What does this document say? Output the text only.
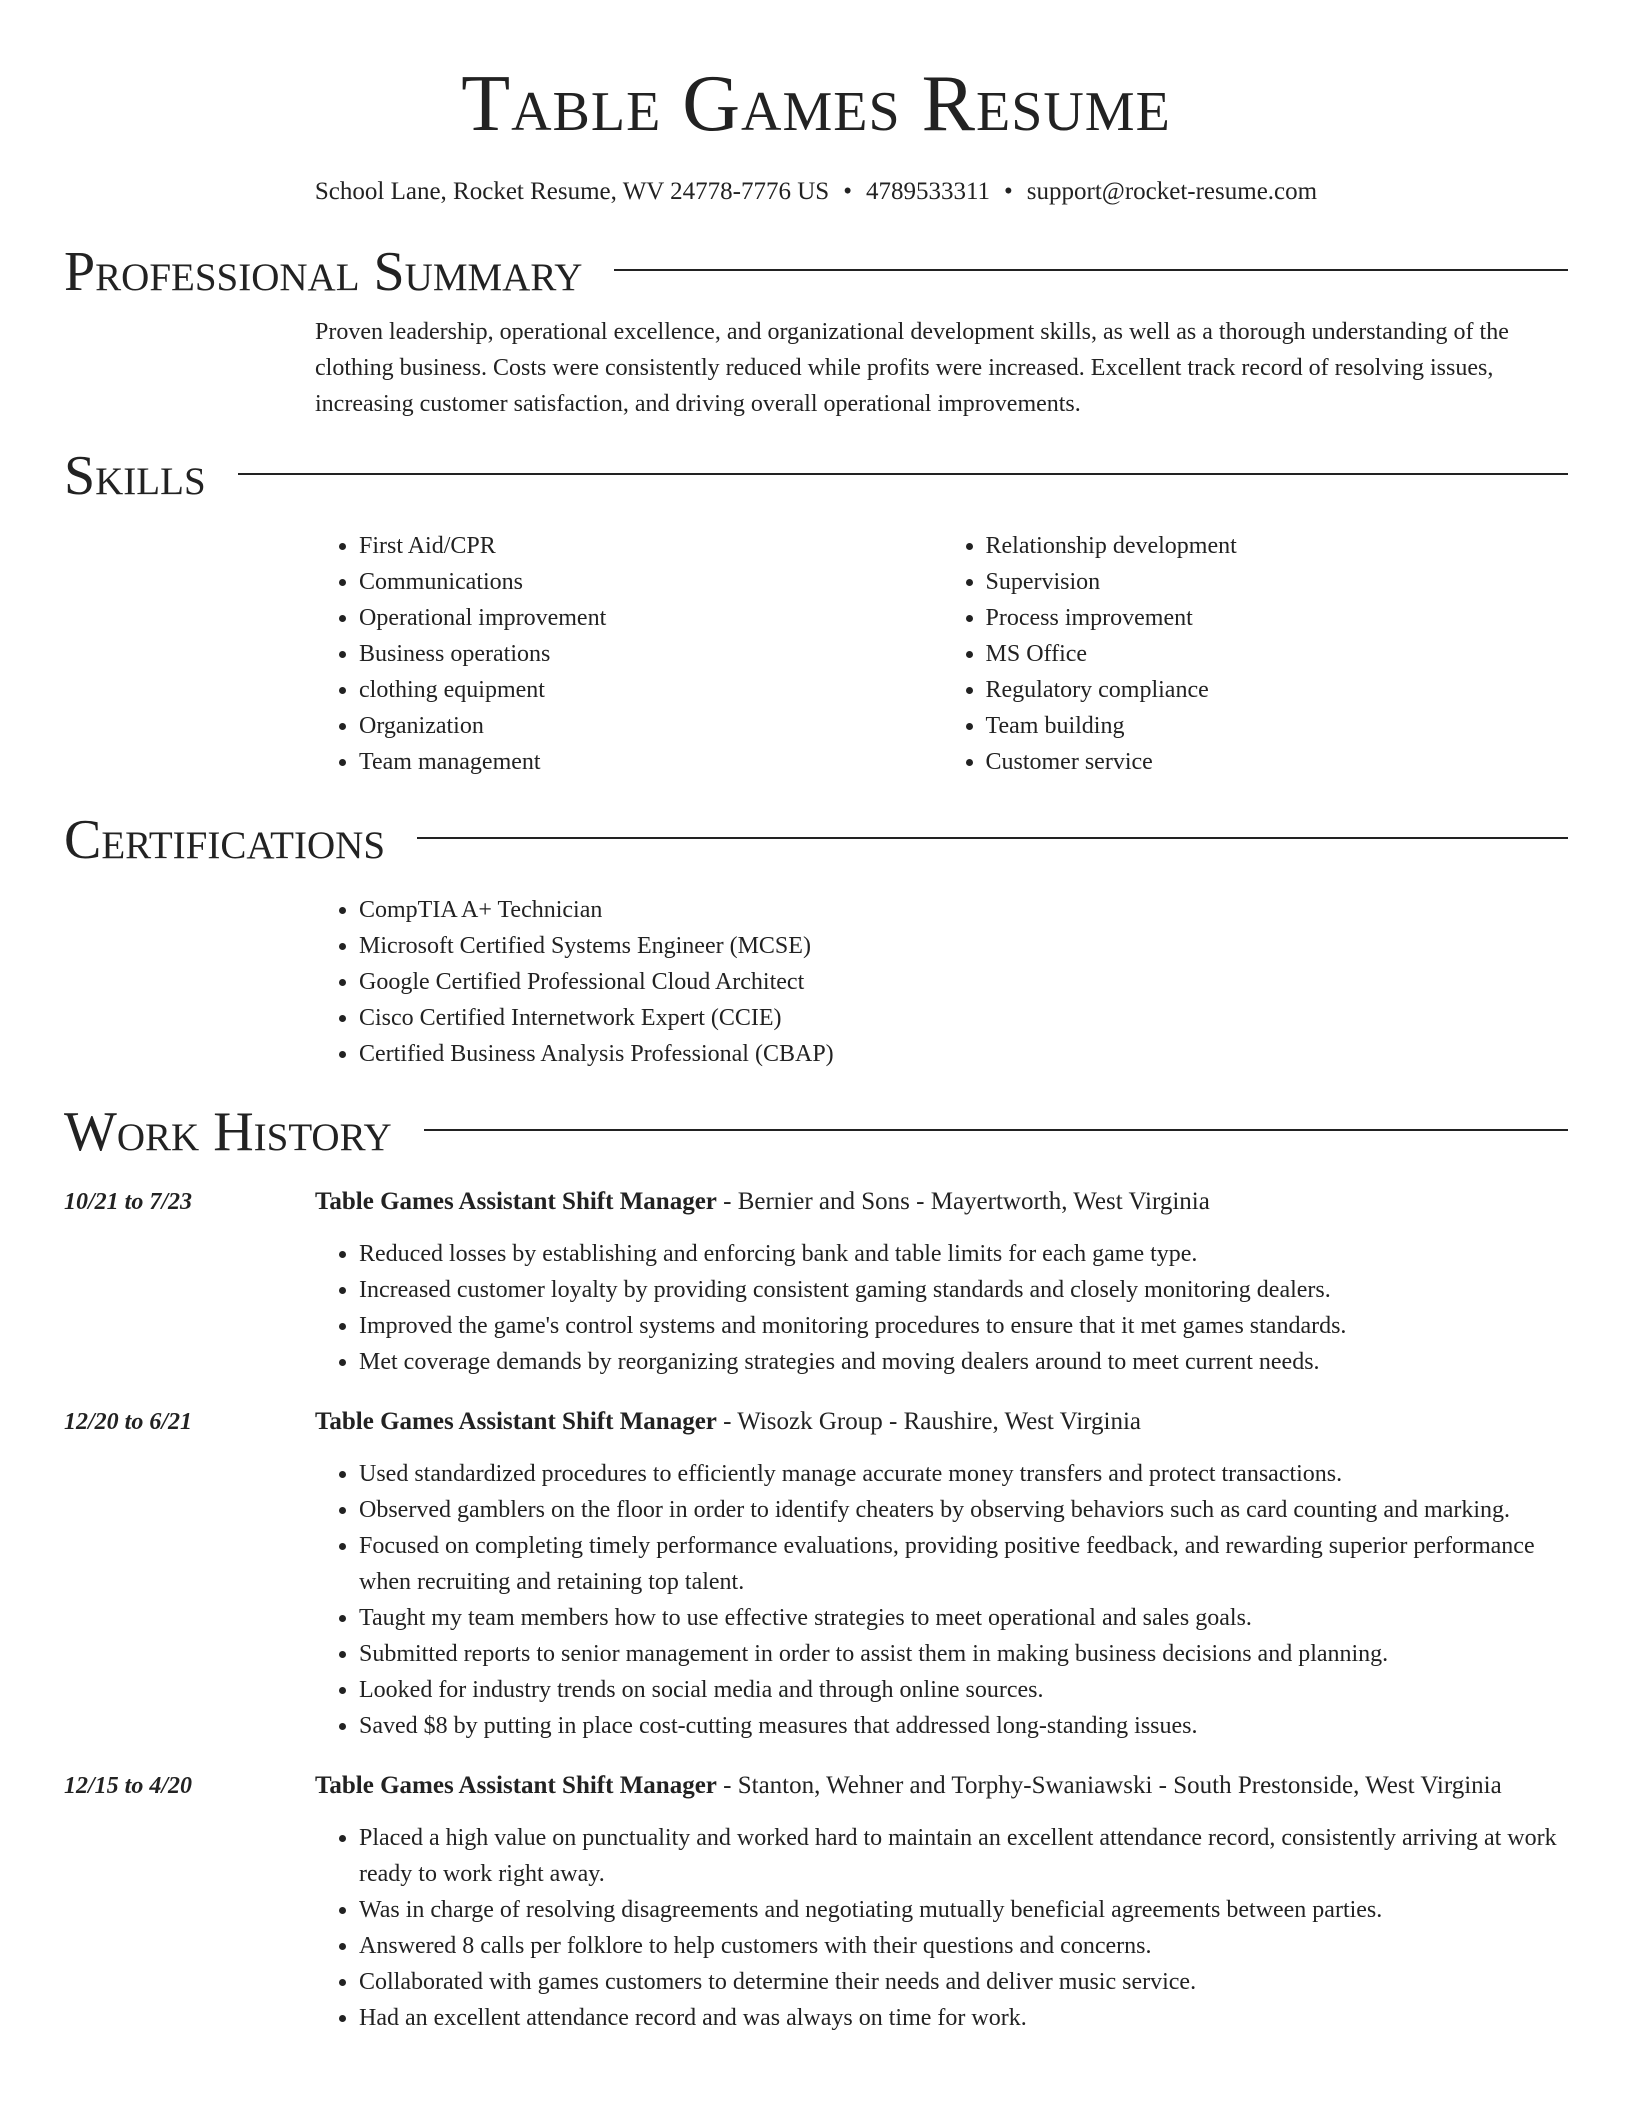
Table Games Resume
School Lane, Rocket Resume, WV 24778-7776 US • 4789533311 • support@rocket-resume.com
Professional Summary

Proven leadership, operational excellence, and organizational development skills, as well as a thorough understanding of the clothing business. Costs were consistently reduced while profits were increased. Excellent track record of resolving issues, increasing customer satisfaction, and driving overall operational improvements.

Skills
• First Aid/CPR
• Communications
• Operational improvement
• Business operations
• clothing equipment
• Organization
• Team management
• Relationship development
• Supervision
• Process improvement
• MS Office
• Regulatory compliance
• Team building
• Customer service
Certifications
• CompTIA A+ Technician
• Microsoft Certified Systems Engineer (MCSE)
• Google Certified Professional Cloud Architect
• Cisco Certified Internetwork Expert (CCIE)
• Certified Business Analysis Professional (CBAP)
Work History
10/21 to 7/23	Table Games Assistant Shift Manager - Bernier and Sons - Mayertworth, West Virginia
• Reduced losses by establishing and enforcing bank and table limits for each game type.
• Increased customer loyalty by providing consistent gaming standards and closely monitoring dealers.
• Improved the game's control systems and monitoring procedures to ensure that it met games standards.
• Met coverage demands by reorganizing strategies and moving dealers around to meet current needs.
12/20 to 6/21	Table Games Assistant Shift Manager - Wisozk Group - Raushire, West Virginia
• Used standardized procedures to efficiently manage accurate money transfers and protect transactions.
• Observed gamblers on the floor in order to identify cheaters by observing behaviors such as card counting and marking.
• Focused on completing timely performance evaluations, providing positive feedback, and rewarding superior performance when recruiting and retaining top talent.
• Taught my team members how to use effective strategies to meet operational and sales goals.
• Submitted reports to senior management in order to assist them in making business decisions and planning.
• Looked for industry trends on social media and through online sources.
• Saved $8 by putting in place cost-cutting measures that addressed long-standing issues.
12/15 to 4/20	Table Games Assistant Shift Manager - Stanton, Wehner and Torphy-Swaniawski - South Prestonside, West Virginia
• Placed a high value on punctuality and worked hard to maintain an excellent attendance record, consistently arriving at work ready to work right away.
• Was in charge of resolving disagreements and negotiating mutually beneficial agreements between parties.
• Answered 8 calls per folklore to help customers with their questions and concerns.
• Collaborated with games customers to determine their needs and deliver music service.
• Had an excellent attendance record and was always on time for work.
